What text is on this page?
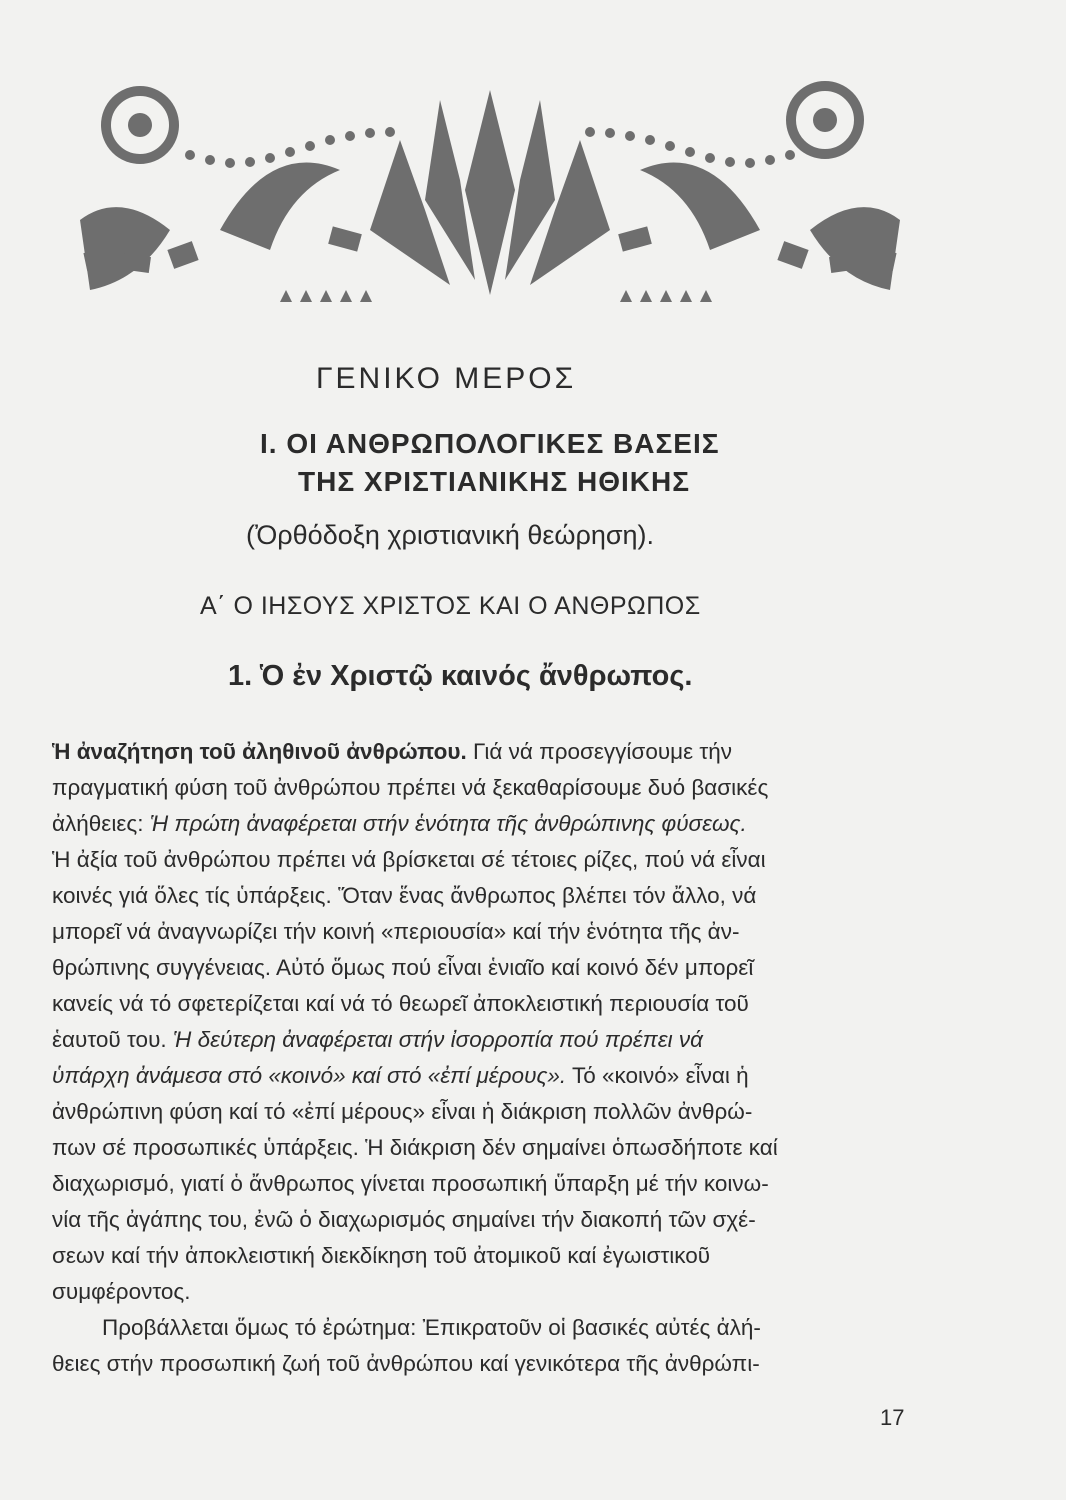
ΓΕΝΙΚΟ ΜΕΡΟΣ
Ι. ΟΙ ΑΝΘΡΩΠΟΛΟΓΙΚΕΣ ΒΑΣΕΙΣ
ΤΗΣ ΧΡΙΣΤΙΑΝΙΚΗΣ ΗΘΙΚΗΣ
(Ὀρθόδοξη χριστιανική θεώρηση).
Α΄ Ο ΙΗΣΟΥΣ ΧΡΙΣΤΟΣ ΚΑΙ Ο ΑΝΘΡΩΠΟΣ
1. Ὁ ἐν Χριστῷ καινός ἄνθρωπος.
Ἡ ἀναζήτηση τοῦ ἀληθινοῦ ἀνθρώπου. Γιά νά προσεγγίσουμε τήν
πραγματική φύση τοῦ ἀνθρώπου πρέπει νά ξεκαθαρίσουμε δυό βασικές
ἀλήθειες: Ἡ πρώτη ἀναφέρεται στήν ἑνότητα τῆς ἀνθρώπινης φύσεως.
Ἡ ἀξία τοῦ ἀνθρώπου πρέπει νά βρίσκεται σέ τέτοιες ρίζες, πού νά εἶναι
κοινές γιά ὅλες τίς ὑπάρξεις. Ὅταν ἕνας ἄνθρωπος βλέπει τόν ἄλλο, νά
μπορεῖ νά ἀναγνωρίζει τήν κοινή «περιουσία» καί τήν ἑνότητα τῆς ἀν-
θρώπινης συγγένειας. Αὐτό ὅμως πού εἶναι ἑνιαῖο καί κοινό δέν μπορεῖ
κανείς νά τό σφετερίζεται καί νά τό θεωρεῖ ἀποκλειστική περιουσία τοῦ
ἑαυτοῦ του. Ἡ δεύτερη ἀναφέρεται στήν ἰσορροπία πού πρέπει νά
ὑπάρχη ἀνάμεσα στό «κοινό» καί στό «ἐπί μέρους». Τό «κοινό» εἶναι ἡ
ἀνθρώπινη φύση καί τό «ἐπί μέρους» εἶναι ἡ διάκριση πολλῶν ἀνθρώ-
πων σέ προσωπικές ὑπάρξεις. Ἡ διάκριση δέν σημαίνει ὁπωσδήποτε καί
διαχωρισμό, γιατί ὁ ἄνθρωπος γίνεται προσωπική ὕπαρξη μέ τήν κοινω-
νία τῆς ἀγάπης του, ἐνῶ ὁ διαχωρισμός σημαίνει τήν διακοπή τῶν σχέ-
σεων καί τήν ἀποκλειστική διεκδίκηση τοῦ ἀτομικοῦ καί ἐγωιστικοῦ
συμφέροντος.
Προβάλλεται ὅμως τό ἐρώτημα: Ἐπικρατοῦν οἱ βασικές αὐτές ἀλή-
θειες στήν προσωπική ζωή τοῦ ἀνθρώπου καί γενικότερα τῆς ἀνθρώπι-
17
